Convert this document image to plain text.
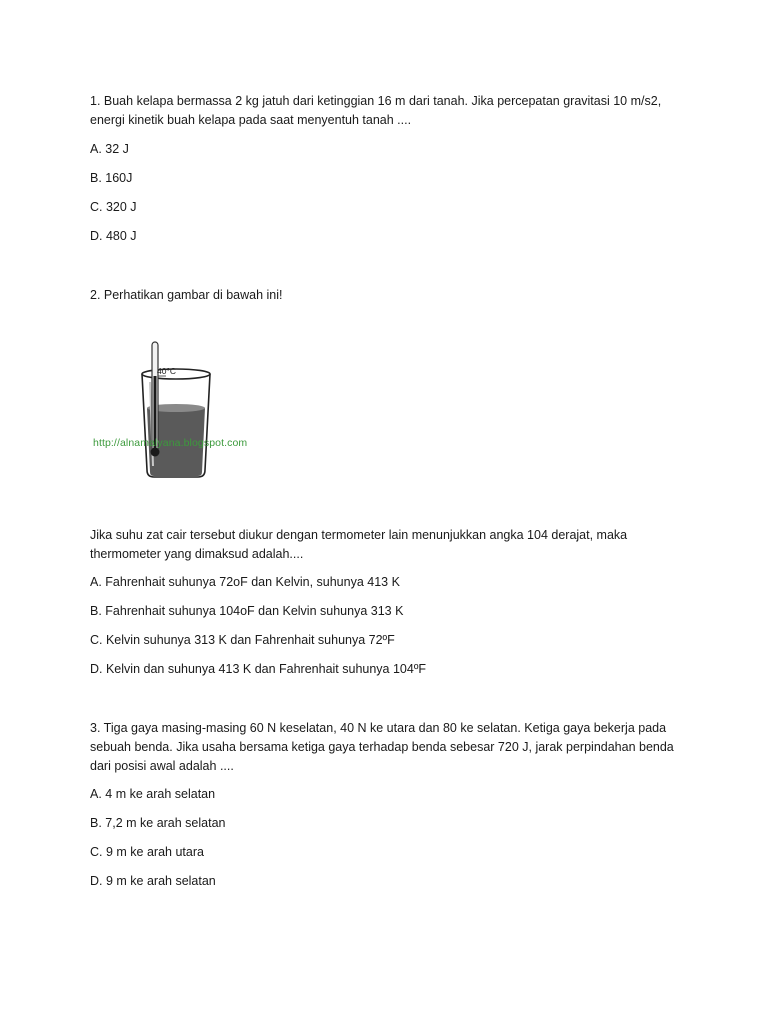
1. Buah kelapa bermassa 2 kg jatuh dari ketinggian 16 m dari tanah. Jika percepatan gravitasi 10 m/s2,
energi kinetik buah kelapa pada saat menyentuh tanah ....
A. 32 J
B. 160J
C. 320 J
D. 480 J
2. Perhatikan gambar di bawah ini!
40°C
http://alnamalyana.blogspot.com
Jika suhu zat cair tersebut diukur dengan termometer lain menunjukkan angka 104 derajat, maka
thermometer yang dimaksud adalah....
A. Fahrenhait suhunya 72oF dan Kelvin, suhunya 413 K
B. Fahrenhait suhunya 104oF dan Kelvin suhunya 313 K
C. Kelvin suhunya 313 K dan Fahrenhait suhunya 72ºF
D. Kelvin dan suhunya 413 K dan Fahrenhait suhunya 104ºF
3. Tiga gaya masing-masing 60 N keselatan, 40 N ke utara dan 80 ke selatan. Ketiga gaya bekerja pada
sebuah benda. Jika usaha bersama ketiga gaya terhadap benda sebesar 720 J, jarak perpindahan benda
dari posisi awal adalah ....
A. 4 m ke arah selatan
B. 7,2 m ke arah selatan
C. 9 m ke arah utara
D. 9 m ke arah selatan
